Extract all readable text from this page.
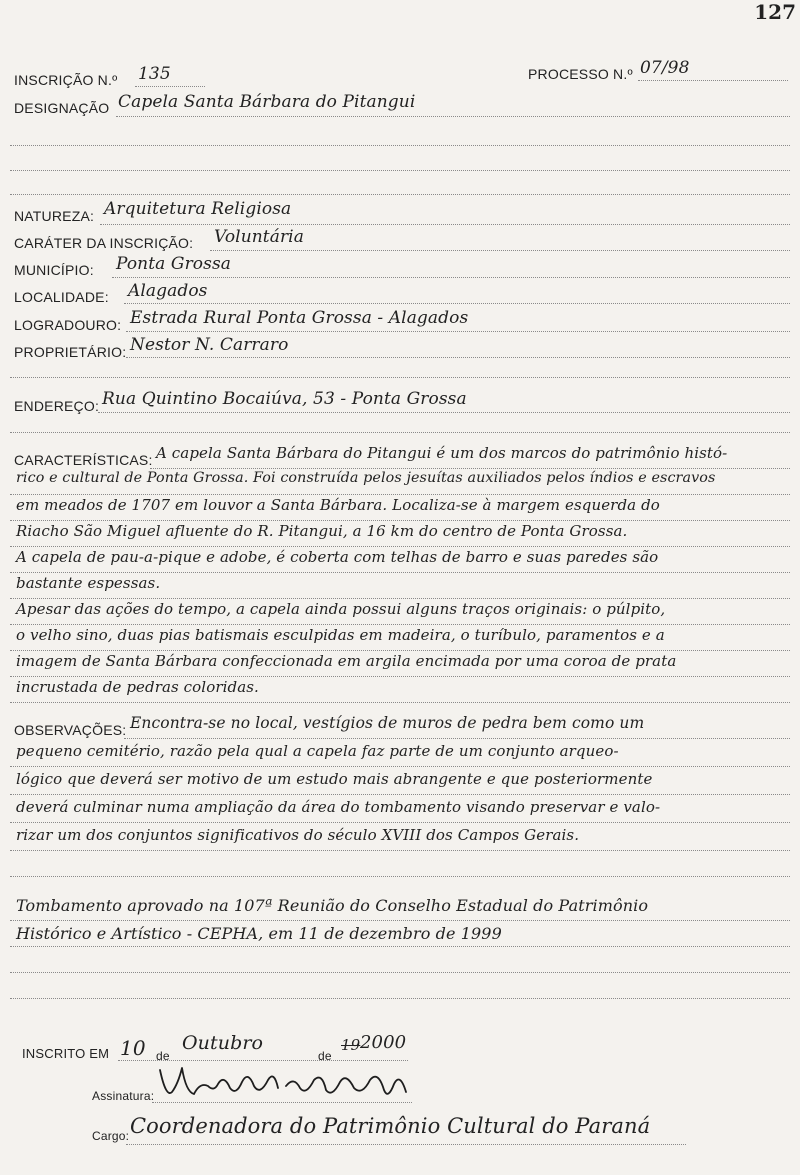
127
INSCRIÇÃO N.º 135	PROCESSO N.º 07/98
DESIGNAÇÃO Capela Santa Bárbara do Pitangui
NATUREZA: Arquitetura Religiosa
CARÁTER DA INSCRIÇÃO: Voluntária
MUNICÍPIO: Ponta Grossa
LOCALIDADE: Alagados
LOGRADOURO: Estrada Rural Ponta Grossa - Alagados
PROPRIETÁRIO: Nestor N. Carraro
ENDEREÇO: Rua Quintino Bocaiúva, 53 - Ponta Grossa
CARACTERÍSTICAS: A capela Santa Bárbara do Pitangui é um dos marcos do patrimônio histó-
rico e cultural de Ponta Grossa. Foi construída pelos jesuítas auxiliados pelos índios e escravos
em meados de 1707 em louvor a Santa Bárbara. Localiza-se à margem esquerda do
Riacho São Miguel afluente do R. Pitangui, a 16 km do centro de Ponta Grossa.
A capela de pau-a-pique e adobe, é coberta com telhas de barro e suas paredes são
bastante espessas.
Apesar das ações do tempo, a capela ainda possui alguns traços originais: o púlpito,
o velho sino, duas pias batismais esculpidas em madeira, o turíbulo, paramentos e a
imagem de Santa Bárbara confeccionada em argila encimada por uma coroa de prata
incrustada de pedras coloridas.
OBSERVAÇÕES: Encontra-se no local, vestígios de muros de pedra bem como um
pequeno cemitério, razão pela qual a capela faz parte de um conjunto arqueo-
lógico que deverá ser motivo de um estudo mais abrangente e que posteriormente
deverá culminar numa ampliação da área do tombamento visando preservar e valo-
rizar um dos conjuntos significativos do século XVIII dos Campos Gerais.
Tombamento aprovado na 107ª Reunião do Conselho Estadual do Patrimônio
Histórico e Artístico - CEPHA, em 11 de dezembro de 1999
INSCRITO EM 10 de
Outubro
de
19 2000
Assinatura:
Cargo: Coordenadora do Patrimônio Cultural do Paraná
